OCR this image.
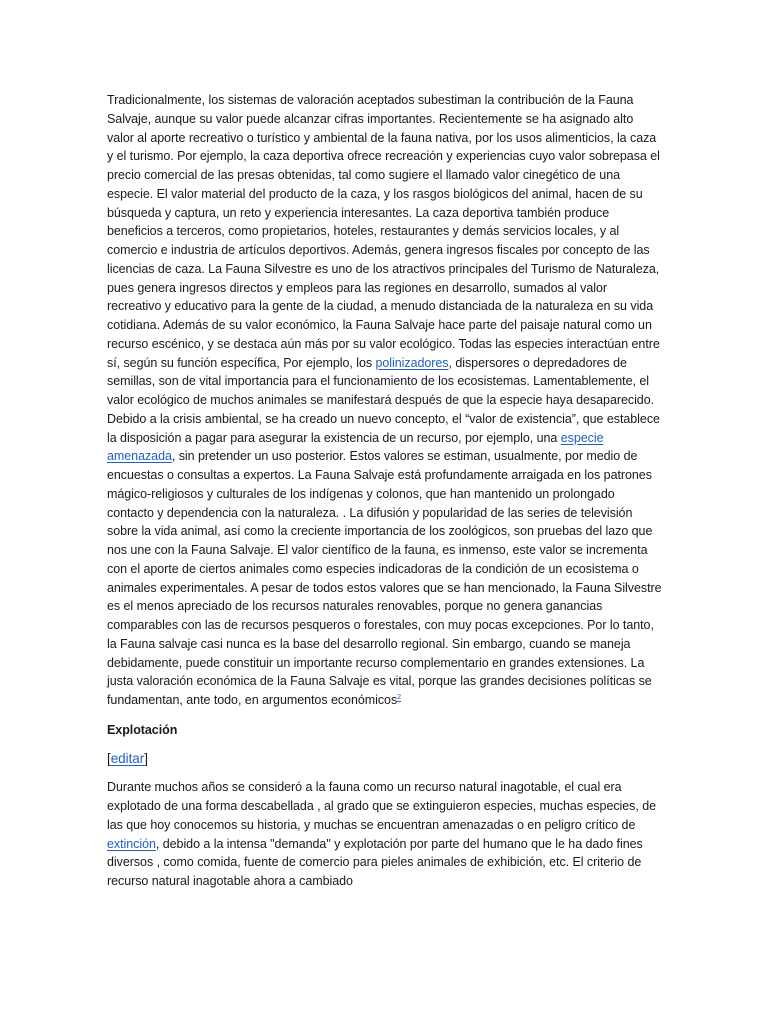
Tradicionalmente, los sistemas de valoración aceptados subestiman la contribución de la Fauna Salvaje, aunque su valor puede alcanzar cifras importantes. Recientemente se ha asignado alto valor al aporte recreativo o turístico y ambiental de la fauna nativa, por los usos alimenticios, la caza y el turismo. Por ejemplo, la caza deportiva ofrece recreación y experiencias cuyo valor sobrepasa el precio comercial de las presas obtenidas, tal como sugiere el llamado valor cinegético de una especie. El valor material del producto de la caza, y los rasgos biológicos del animal, hacen de su búsqueda y captura, un reto y experiencia interesantes. La caza deportiva también produce beneficios a terceros, como propietarios, hoteles, restaurantes y demás servicios locales, y al comercio e industria de artículos deportivos. Además, genera ingresos fiscales por concepto de las licencias de caza. La Fauna Silvestre es uno de los atractivos principales del Turismo de Naturaleza, pues genera ingresos directos y empleos para las regiones en desarrollo, sumados al valor recreativo y educativo para la gente de la ciudad, a menudo distanciada de la naturaleza en su vida cotidiana. Además de su valor económico, la Fauna Salvaje hace parte del paisaje natural como un recurso escénico, y se destaca aún más por su valor ecológico. Todas las especies interactúan entre sí, según su función específica, Por ejemplo, los polinizadores, dispersores o depredadores de semillas, son de vital importancia para el funcionamiento de los ecosistemas. Lamentablemente, el valor ecológico de muchos animales se manifestará después de que la especie haya desaparecido. Debido a la crisis ambiental, se ha creado un nuevo concepto, el “valor de existencia”, que establece la disposición a pagar para asegurar la existencia de un recurso, por ejemplo, una especie amenazada, sin pretender un uso posterior. Estos valores se estiman, usualmente, por medio de encuestas o consultas a expertos. La Fauna Salvaje está profundamente arraigada en los patrones mágico-religiosos y culturales de los indígenas y colonos, que han mantenido un prolongado contacto y dependencia con la naturaleza. . La difusión y popularidad de las series de televisión sobre la vida animal, así como la creciente importancia de los zoológicos, son pruebas del lazo que nos une con la Fauna Salvaje. El valor científico de la fauna, es inmenso, este valor se incrementa con el aporte de ciertos animales como especies indicadoras de la condición de un ecosistema o animales experimentales. A pesar de todos estos valores que se han mencionado, la Fauna Silvestre es el menos apreciado de los recursos naturales renovables, porque no genera ganancias comparables con las de recursos pesqueros o forestales, con muy pocas excepciones. Por lo tanto, la Fauna salvaje casi nunca es la base del desarrollo regional. Sin embargo, cuando se maneja debidamente, puede constituir un importante recurso complementario en grandes extensiones. La justa valoración económica de la Fauna Salvaje es vital, porque las grandes decisiones políticas se fundamentan, ante todo, en argumentos económicos$^2$

Explotación

[editar]

Durante muchos años se consideró a la fauna como un recurso natural inagotable, el cual era explotado de una forma descabellada , al grado que se extinguieron especies, muchas especies, de las que hoy conocemos su historia, y muchas se encuentran amenazadas o en peligro crítico de extinción, debido a la intensa "demanda" y explotación por parte del humano que le ha dado fines diversos , como comida, fuente de comercio para pieles animales de exhibición, etc. El criterio de recurso natural inagotable ahora a cambiado
